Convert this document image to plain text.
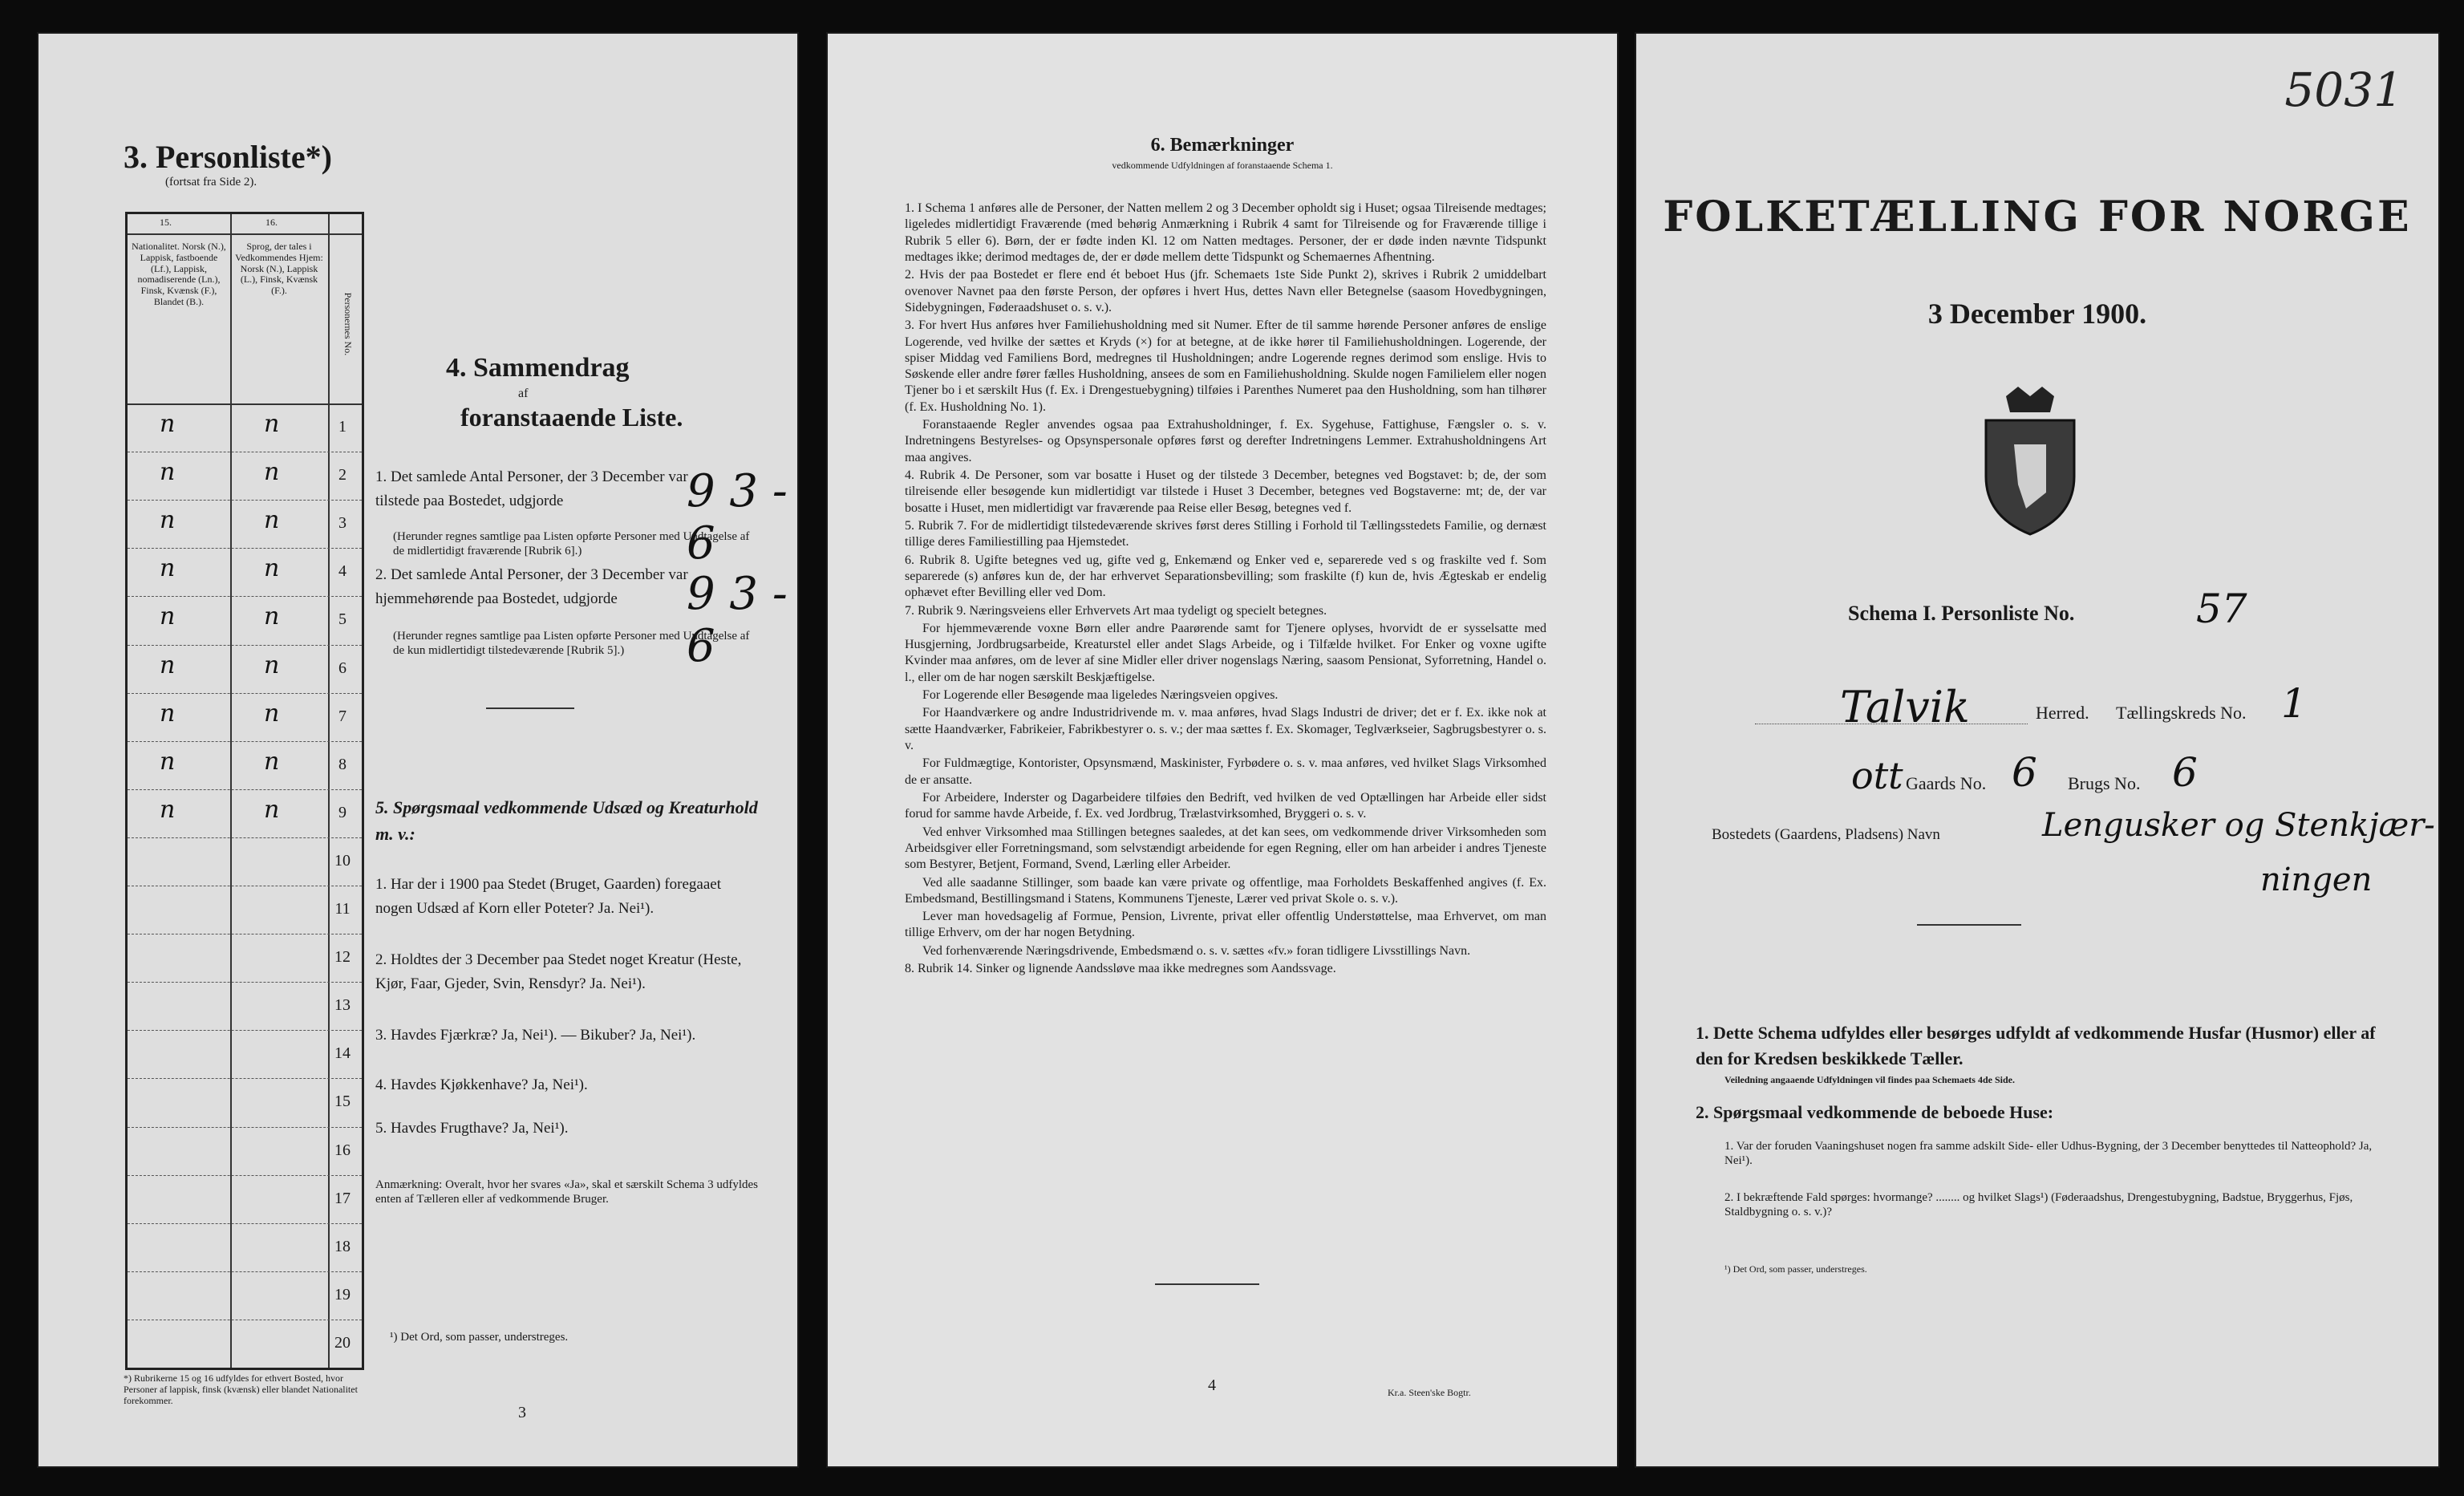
3. Personliste*)
(fortsat fra Side 2).
15.	16.
Nationalitet. Norsk (N.), Lappisk, fastboende (Lf.), Lappisk, nomadiserende (Ln.), Finsk, Kvænsk (F.), Blandet (B.).
Sprog, der tales i Vedkommendes Hjem: Norsk (N.), Lappisk (L.), Finsk, Kvænsk (F.).
Personernes No.
1
n	n
2
n	n
3
n	n
4
n	n
5
n	n
6
n	n
7
n	n
8
n	n
9
n	n
10
11
12
13
14
15
16
17
18
19
20
*) Rubrikerne 15 og 16 udfyldes for ethvert Bosted, hvor Personer af lappisk, finsk (kvænsk) eller blandet Nationalitet forekommer.
4. Sammendrag
af
foranstaaende Liste.
1. Det samlede Antal Personer, der 3 December var tilstede paa Bostedet, udgjorde	9 3 - 6
(Herunder regnes samtlige paa Listen opførte Personer med Undtagelse af de midlertidigt fraværende [Rubrik 6].)
2. Det samlede Antal Personer, der 3 December var hjemmehørende paa Bostedet, udgjorde	9 3 - 6
(Herunder regnes samtlige paa Listen opførte Personer med Undtagelse af de kun midlertidigt tilstedeværende [Rubrik 5].)
5. Spørgsmaal vedkommende Udsæd og Kreaturhold m. v.:
1. Har der i 1900 paa Stedet (Bruget, Gaarden) foregaaet nogen Udsæd af Korn eller Poteter? Ja. Nei¹).
2. Holdtes der 3 December paa Stedet noget Kreatur (Heste, Kjør, Faar, Gjeder, Svin, Rensdyr? Ja. Nei¹).
3. Havdes Fjærkræ? Ja, Nei¹). — Bikuber? Ja, Nei¹).
4. Havdes Kjøkkenhave? Ja, Nei¹).
5. Havdes Frugthave? Ja, Nei¹).
Anmærkning: Overalt, hvor her svares «Ja», skal et særskilt Schema 3 udfyldes enten af Tælleren eller af vedkommende Bruger.
¹) Det Ord, som passer, understreges.
3
6. Bemærkninger
vedkommende Udfyldningen af foranstaaende Schema 1.

1. I Schema 1 anføres alle de Personer, der Natten mellem 2 og 3 December opholdt sig i Huset; ogsaa Tilreisende medtages; ligeledes midlertidigt Fraværende (med behørig Anmærkning i Rubrik 4 samt for Tilreisende og for Fraværende tillige i Rubrik 5 eller 6). Børn, der er fødte inden Kl. 12 om Natten medtages. Personer, der er døde inden nævnte Tidspunkt medtages ikke; derimod medtages de, der er døde mellem dette Tidspunkt og Schemaernes Afhentning.

2. Hvis der paa Bostedet er flere end ét beboet Hus (jfr. Schemaets 1ste Side Punkt 2), skrives i Rubrik 2 umiddelbart ovenover Navnet paa den første Person, der opføres i hvert Hus, dettes Navn eller Betegnelse (saasom Hovedbygningen, Sidebygningen, Føderaadshuset o. s. v.).

3. For hvert Hus anføres hver Familiehusholdning med sit Numer. Efter de til samme hørende Personer anføres de enslige Logerende, ved hvilke der sættes et Kryds (×) for at betegne, at de ikke hører til Familiehusholdningen. Logerende, der spiser Middag ved Familiens Bord, medregnes til Husholdningen; andre Logerende regnes derimod som enslige. Hvis to Søskende eller andre fører fælles Husholdning, ansees de som en Familiehusholdning. Skulde nogen Familielem eller nogen Tjener bo i et særskilt Hus (f. Ex. i Drengestuebygning) tilføies i Parenthes Numeret paa den Husholdning, som han tilhører (f. Ex. Husholdning No. 1).

Foranstaaende Regler anvendes ogsaa paa Extrahusholdninger, f. Ex. Sygehuse, Fattighuse, Fængsler o. s. v. Indretningens Bestyrelses- og Opsynspersonale opføres først og derefter Indretningens Lemmer. Extrahusholdningens Art maa angives.

4. Rubrik 4. De Personer, som var bosatte i Huset og der tilstede 3 December, betegnes ved Bogstavet: b; de, der som tilreisende eller besøgende kun midlertidigt var tilstede i Huset 3 December, betegnes ved Bogstaverne: mt; de, der var bosatte i Huset, men midlertidigt var fraværende paa Reise eller Besøg, betegnes ved f.

5. Rubrik 7. For de midlertidigt tilstedeværende skrives først deres Stilling i Forhold til Tællingsstedets Familie, og dernæst tillige deres Familiestilling paa Hjemstedet.

6. Rubrik 8. Ugifte betegnes ved ug, gifte ved g, Enkemænd og Enker ved e, separerede ved s og fraskilte ved f. Som separerede (s) anføres kun de, der har erhvervet Separationsbevilling; som fraskilte (f) kun de, hvis Ægteskab er endelig ophævet efter Bevilling eller ved Dom.

7. Rubrik 9. Næringsveiens eller Erhvervets Art maa tydeligt og specielt betegnes.

For hjemmeværende voxne Børn eller andre Paarørende samt for Tjenere oplyses, hvorvidt de er sysselsatte med Husgjerning, Jordbrugsarbeide, Kreaturstel eller andet Slags Arbeide, og i Tilfælde hvilket. For Enker og voxne ugifte Kvinder maa anføres, om de lever af sine Midler eller driver nogenslags Næring, saasom Pensionat, Syforretning, Handel o. l., eller om de har nogen særskilt Beskjæftigelse.

For Logerende eller Besøgende maa ligeledes Næringsveien opgives.

For Haandværkere og andre Industridrivende m. v. maa anføres, hvad Slags Industri de driver; det er f. Ex. ikke nok at sætte Haandværker, Fabrikeier, Fabrikbestyrer o. s. v.; der maa sættes f. Ex. Skomager, Teglværkseier, Sagbrugsbestyrer o. s. v.

For Fuldmægtige, Kontorister, Opsynsmænd, Maskinister, Fyrbødere o. s. v. maa anføres, ved hvilket Slags Virksomhed de er ansatte.

For Arbeidere, Inderster og Dagarbeidere tilføies den Bedrift, ved hvilken de ved Optællingen har Arbeide eller sidst forud for samme havde Arbeide, f. Ex. ved Jordbrug, Trælastvirksomhed, Bryggeri o. s. v.

Ved enhver Virksomhed maa Stillingen betegnes saaledes, at det kan sees, om vedkommende driver Virksomheden som Arbeidsgiver eller Forretningsmand, som selvstændigt arbeidende for egen Regning, eller om han arbeider i andres Tjeneste som Bestyrer, Betjent, Formand, Svend, Lærling eller Arbeider.

Ved alle saadanne Stillinger, som baade kan være private og offentlige, maa Forholdets Beskaffenhed angives (f. Ex. Embedsmand, Bestillingsmand i Statens, Kommunens Tjeneste, Lærer ved privat Skole o. s. v.).

Lever man hovedsagelig af Formue, Pension, Livrente, privat eller offentlig Understøttelse, maa Erhvervet, om man tillige Erhverv, om der har nogen Betydning.

Ved forhenværende Næringsdrivende, Embedsmænd o. s. v. sættes «fv.» foran tidligere Livsstillings Navn.

8. Rubrik 14. Sinker og lignende Aandssløve maa ikke medregnes som Aandssvage.

4	Kr.a. Steen'ske Bogtr.
5031
FOLKETÆLLING FOR NORGE
3 December 1900.
Schema I. Personliste No.	57
Talvik	Herred. Tællingskreds No. 1
ott Gaards No. 6 Brugs No. 6
Bostedets (Gaardens, Pladsens) Navn	Lengusker og Stenkjær-
ningen
1. Dette Schema udfyldes eller besørges udfyldt af vedkommende Husfar (Husmor) eller af den for Kredsen beskikkede Tæller.
Veiledning angaaende Udfyldningen vil findes paa Schemaets 4de Side.
2. Spørgsmaal vedkommende de beboede Huse:
1. Var der foruden Vaaningshuset nogen fra samme adskilt Side- eller Udhus-Bygning, der 3 December benyttedes til Natteophold? Ja, Nei¹).
2. I bekræftende Fald spørges: hvormange? ........ og hvilket Slags¹) (Føderaadshus, Drengestubygning, Badstue, Bryggerhus, Fjøs, Staldbygning o. s. v.)?
¹) Det Ord, som passer, understreges.
